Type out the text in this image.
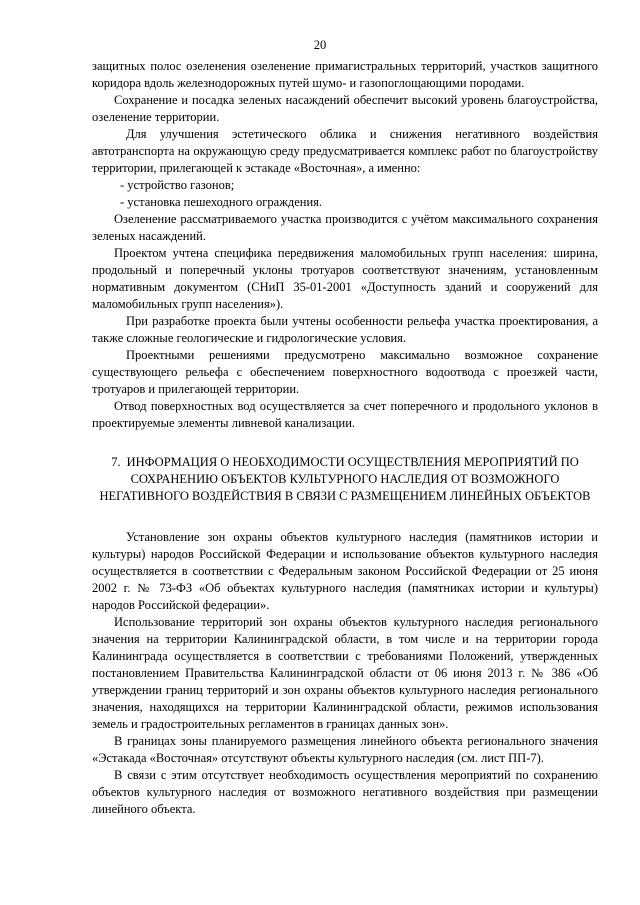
20

защитных полос озеленения озеленение примагистральных территорий, участков защитного коридора вдоль железнодорожных путей шумо- и газопоглощающими породами.

Сохранение и посадка зеленых насаждений обеспечит высокий уровень благоустройства, озеленение территории.

Для улучшения эстетического облика и снижения негативного воздействия автотранспорта на окружающую среду предусматривается комплекс работ по благоустройству территории, прилегающей к эстакаде «Восточная», а именно:

- устройство газонов;

- установка пешеходного ограждения.

Озеленение рассматриваемого участка производится с учётом максимального сохранения зеленых насаждений.

Проектом учтена специфика передвижения маломобильных групп населения: ширина, продольный и поперечный уклоны тротуаров соответствуют значениям, установленным нормативным документом (СНиП 35-01-2001 «Доступность зданий и сооружений для маломобильных групп населения»).

При разработке проекта были учтены особенности рельефа участка проектирования, а также сложные геологические и гидрологические условия.

Проектными решениями предусмотрено максимально возможное сохранение существующего рельефа с обеспечением поверхностного водоотвода с проезжей части, тротуаров и прилегающей территории.

Отвод поверхностных вод осуществляется за счет поперечного и продольного уклонов в проектируемые элементы ливневой канализации.

7. ИНФОРМАЦИЯ О НЕОБХОДИМОСТИ ОСУЩЕСТВЛЕНИЯ МЕРОПРИЯТИЙ ПО СОХРАНЕНИЮ ОБЪЕКТОВ КУЛЬТУРНОГО НАСЛЕДИЯ ОТ ВОЗМОЖНОГО НЕГАТИВНОГО ВОЗДЕЙСТВИЯ В СВЯЗИ С РАЗМЕЩЕНИЕМ ЛИНЕЙНЫХ ОБЪЕКТОВ

Установление зон охраны объектов культурного наследия (памятников истории и культуры) народов Российской Федерации и использование объектов культурного наследия осуществляется в соответствии с Федеральным законом Российской Федерации от 25 июня 2002 г. № 73-ФЗ «Об объектах культурного наследия (памятниках истории и культуры) народов Российской федерации».

Использование территорий зон охраны объектов культурного наследия регионального значения на территории Калининградской области, в том числе и на территории города Калининграда осуществляется в соответствии с требованиями Положений, утвержденных постановлением Правительства Калининградской области от 06 июня 2013 г. № 386 «Об утверждении границ территорий и зон охраны объектов культурного наследия регионального значения, находящихся на территории Калининградской области, режимов использования земель и градостроительных регламентов в границах данных зон».

В границах зоны планируемого размещения линейного объекта регионального значения «Эстакада «Восточная» отсутствуют объекты культурного наследия (см. лист ПП-7).

В связи с этим отсутствует необходимость осуществления мероприятий по сохранению объектов культурного наследия от возможного негативного воздействия при размещении линейного объекта.
